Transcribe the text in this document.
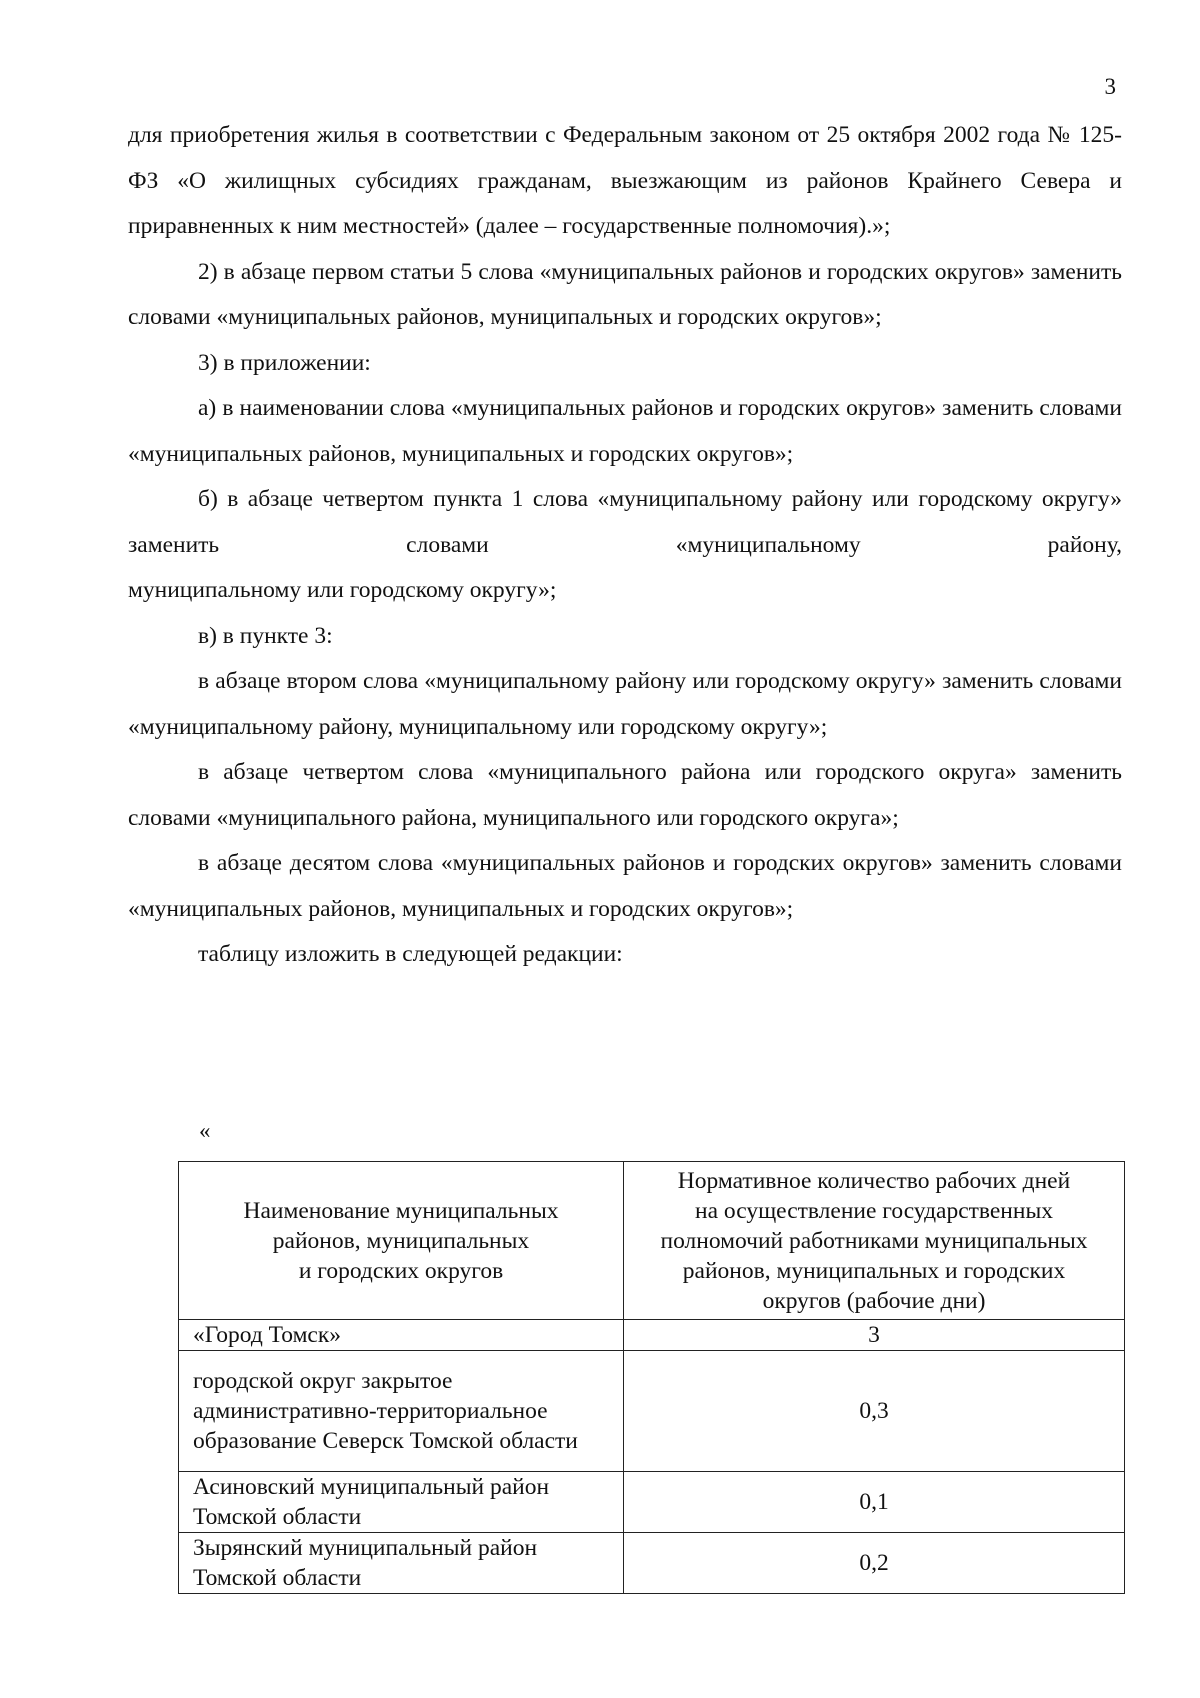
3

для приобретения жилья в соответствии с Федеральным законом от 25 октября 2002 года № 125-ФЗ «О жилищных субсидиях гражданам, выезжающим из районов Крайнего Севера и приравненных к ним местностей» (далее – государственные полномочия).»;

2) в абзаце первом статьи 5 слова «муниципальных районов и городских округов» заменить словами «муниципальных районов, муниципальных и городских округов»;

3) в приложении:

а) в наименовании слова «муниципальных районов и городских округов» заменить словами «муниципальных районов, муниципальных и городских округов»;

б) в абзаце четвертом пункта 1 слова «муниципальному району или городскому округу» заменить словами «муниципальному району,

муниципальному или городскому округу»;

в) в пункте 3:

в абзаце втором слова «муниципальному району или городскому округу» заменить словами «муниципальному району, муниципальному или городскому округу»;

в абзаце четвертом слова «муниципального района или городского округа» заменить словами «муниципального района, муниципального или городского округа»;

в абзаце десятом слова «муниципальных районов и городских округов» заменить словами «муниципальных районов, муниципальных и городских округов»;

таблицу изложить в следующей редакции:

«
Наименование муниципальных
районов, муниципальных
и городских округов	Нормативное количество рабочих дней
на осуществление государственных
полномочий работниками муниципальных
районов, муниципальных и городских
округов (рабочие дни)

«Город Томск»	3
городской округ закрытое административно-территориальное образование Северск Томской области	0,3
Асиновский муниципальный район Томской области	0,1
Зырянский муниципальный район Томской области	0,2
